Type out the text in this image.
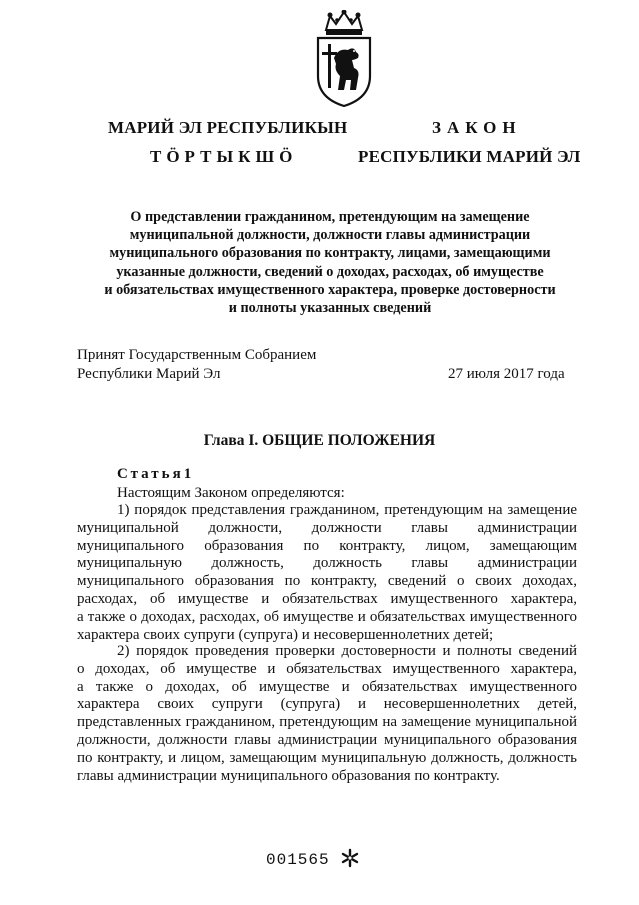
МАРИЙ ЭЛ РЕСПУБЛИКЫН
ТӦРТЫКШӦ
ЗАКОН
РЕСПУБЛИКИ МАРИЙ ЭЛ
О представлении гражданином, претендующим на замещение
муниципальной должности, должности главы администрации
муниципального образования по контракту, лицами, замещающими
указанные должности, сведений о доходах, расходах, об имуществе
и обязательствах имущественного характера, проверке достоверности
и полноты указанных сведений
Принят Государственным Собранием
Республики Марий Эл	27 июля 2017 года
Глава I. ОБЩИЕ ПОЛОЖЕНИЯ
Статья1
Настоящим Законом определяются:
1) порядок представления гражданином, претендующим на замещение
муниципальной должности, должности главы администрации
муниципального образования по контракту, лицом, замещающим
муниципальную должность, должность главы администрации
муниципального образования по контракту, сведений о своих доходах,
расходах, об имуществе и обязательствах имущественного характера,
а также о доходах, расходах, об имуществе и обязательствах имущественного
характера своих супруги (супруга) и несовершеннолетних детей;
2) порядок проведения проверки достоверности и полноты сведений
о доходах, об имуществе и обязательствах имущественного характера,
а также о доходах, об имуществе и обязательствах имущественного
характера своих супруги (супруга) и несовершеннолетних детей,
представленных гражданином, претендующим на замещение муниципальной
должности, должности главы администрации муниципального образования
по контракту, и лицом, замещающим муниципальную должность, должность
главы администрации муниципального образования по контракту.
001565
